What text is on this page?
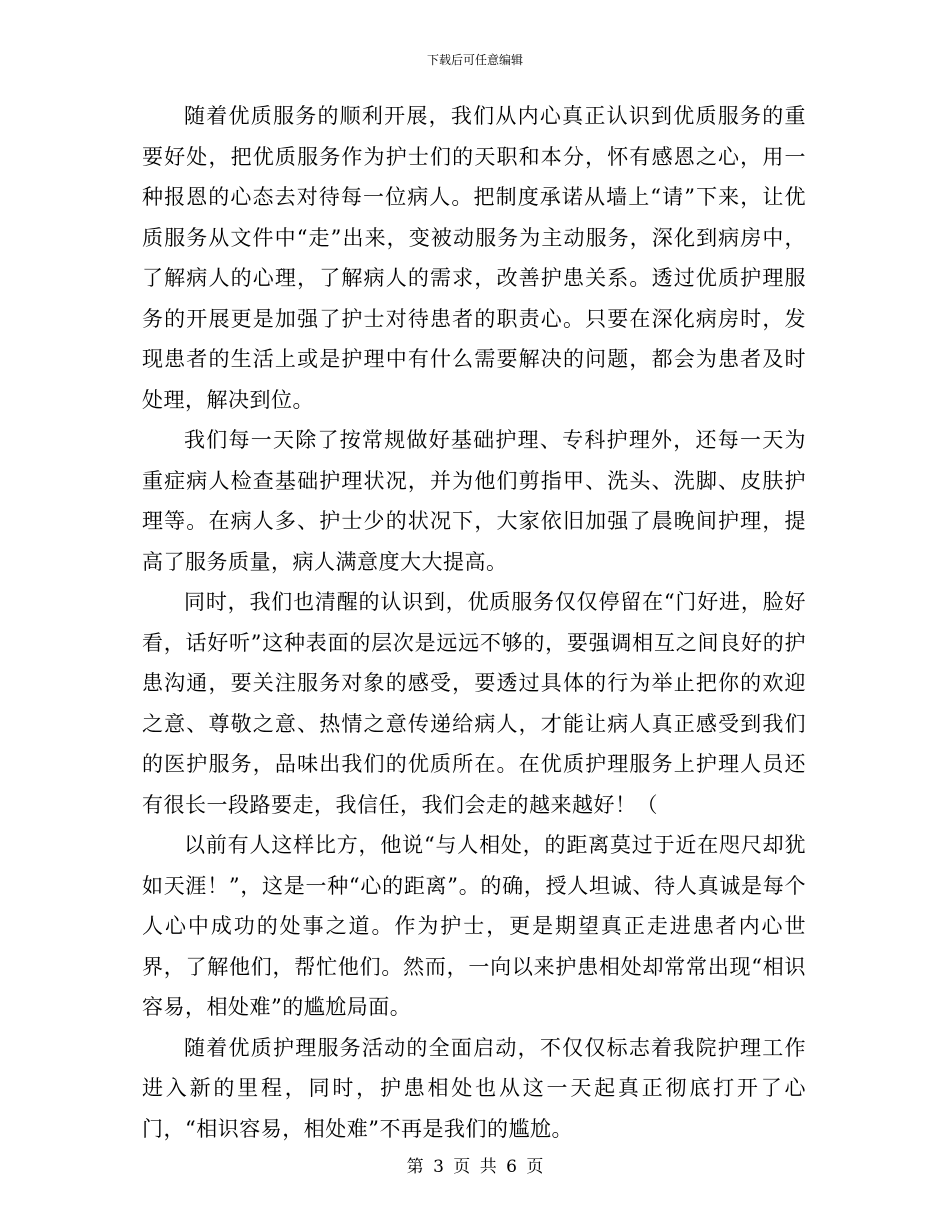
下载后可任意编辑

随着优质服务的顺利开展，我们从内心真正认识到优质服务的重要好处，把优质服务作为护士们的天职和本分，怀有感恩之心，用一种报恩的心态去对待每一位病人。把制度承诺从墙上“请”下来，让优质服务从文件中“走”出来，变被动服务为主动服务，深化到病房中，了解病人的心理，了解病人的需求，改善护患关系。透过优质护理服务的开展更是加强了护士对待患者的职责心。只要在深化病房时，发现患者的生活上或是护理中有什么需要解决的问题，都会为患者及时处理，解决到位。

我们每一天除了按常规做好基础护理、专科护理外，还每一天为重症病人检查基础护理状况，并为他们剪指甲、洗头、洗脚、皮肤护理等。在病人多、护士少的状况下，大家依旧加强了晨晚间护理，提高了服务质量，病人满意度大大提高。

同时，我们也清醒的认识到，优质服务仅仅停留在“门好进，脸好看，话好听”这种表面的层次是远远不够的，要强调相互之间良好的护患沟通，要关注服务对象的感受，要透过具体的行为举止把你的欢迎之意、尊敬之意、热情之意传递给病人，才能让病人真正感受到我们的医护服务，品味出我们的优质所在。在优质护理服务上护理人员还有很长一段路要走，我信任，我们会走的越来越好！（

以前有人这样比方，他说“与人相处，的距离莫过于近在咫尺却犹如天涯！”，这是一种“心的距离”。的确，授人坦诚、待人真诚是每个人心中成功的处事之道。作为护士，更是期望真正走进患者内心世界，了解他们，帮忙他们。然而，一向以来护患相处却常常出现“相识容易，相处难”的尴尬局面。

随着优质护理服务活动的全面启动，不仅仅标志着我院护理工作进入新的里程，同时，护患相处也从这一天起真正彻底打开了心门，“相识容易，相处难”不再是我们的尴尬。

第 3 页 共 6 页
